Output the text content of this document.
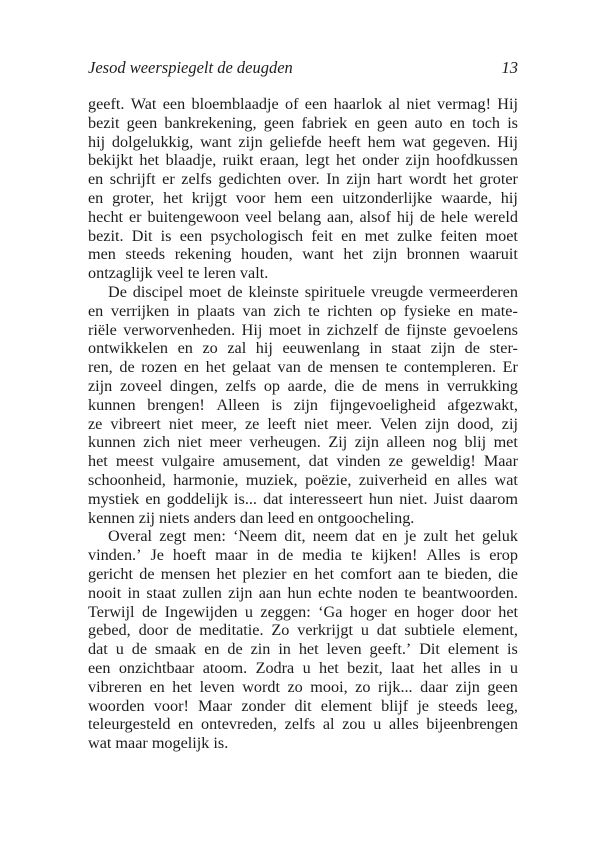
Jesod weerspiegelt de deugden	13
geeft. Wat een bloemblaadje of een haarlok al niet vermag! Hij
bezit geen bankrekening, geen fabriek en geen auto en toch is
hij dolgelukkig, want zijn geliefde heeft hem wat gegeven. Hij
bekijkt het blaadje, ruikt eraan, legt het onder zijn hoofdkussen
en schrijft er zelfs gedichten over. In zijn hart wordt het groter
en groter, het krijgt voor hem een uitzonderlijke waarde, hij
hecht er buitengewoon veel belang aan, alsof hij de hele wereld
bezit. Dit is een psychologisch feit en met zulke feiten moet
men steeds rekening houden, want het zijn bronnen waaruit
ontzaglijk veel te leren valt.
De discipel moet de kleinste spirituele vreugde vermeerderen
en verrijken in plaats van zich te richten op fysieke en mate-
riële verworvenheden. Hij moet in zichzelf de fijnste gevoelens
ontwikkelen en zo zal hij eeuwenlang in staat zijn de ster-
ren, de rozen en het gelaat van de mensen te contempleren. Er
zijn zoveel dingen, zelfs op aarde, die de mens in verrukking
kunnen brengen! Alleen is zijn fijngevoeligheid afgezwakt,
ze vibreert niet meer, ze leeft niet meer. Velen zijn dood, zij
kunnen zich niet meer verheugen. Zij zijn alleen nog blij met
het meest vulgaire amusement, dat vinden ze geweldig! Maar
schoonheid, harmonie, muziek, poëzie, zuiverheid en alles wat
mystiek en goddelijk is... dat interesseert hun niet. Juist daarom
kennen zij niets anders dan leed en ontgoocheling.
Overal zegt men: ‘Neem dit, neem dat en je zult het geluk
vinden.’ Je hoeft maar in de media te kijken! Alles is erop
gericht de mensen het plezier en het comfort aan te bieden, die
nooit in staat zullen zijn aan hun echte noden te beantwoorden.
Terwijl de Ingewijden u zeggen: ‘Ga hoger en hoger door het
gebed, door de meditatie. Zo verkrijgt u dat subtiele element,
dat u de smaak en de zin in het leven geeft.’ Dit element is
een onzichtbaar atoom. Zodra u het bezit, laat het alles in u
vibreren en het leven wordt zo mooi, zo rijk... daar zijn geen
woorden voor! Maar zonder dit element blijf je steeds leeg,
teleurgesteld en ontevreden, zelfs al zou u alles bijeenbrengen
wat maar mogelijk is.
